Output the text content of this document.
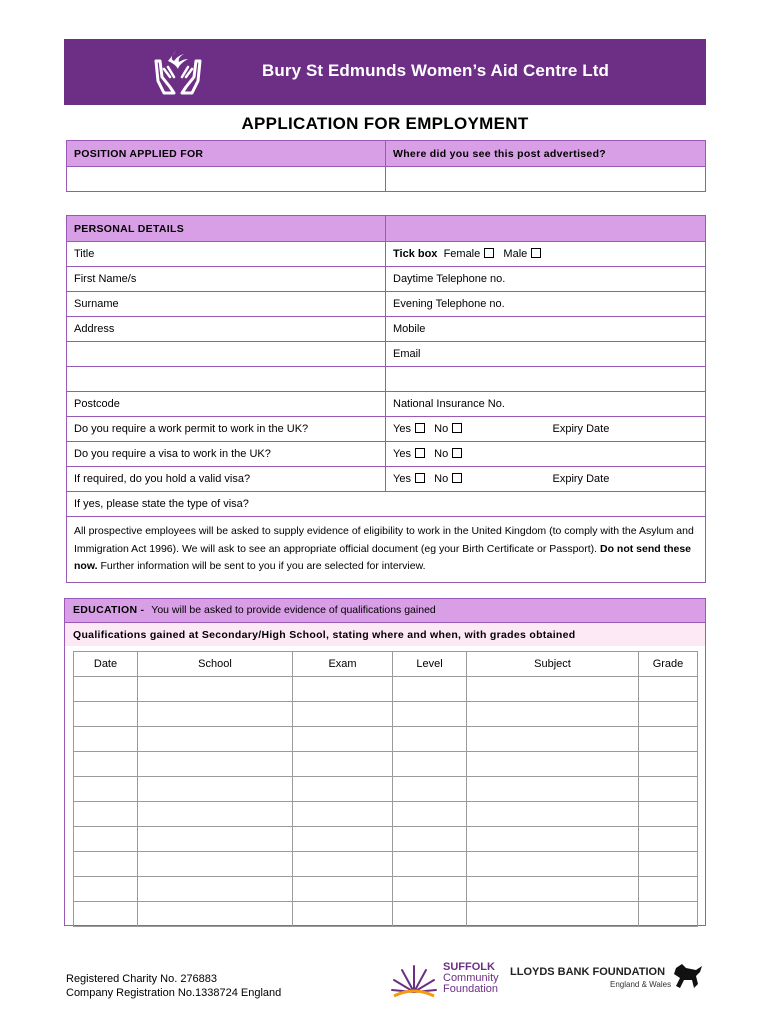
Bury St Edmunds Women’s Aid Centre Ltd
APPLICATION FOR EMPLOYMENT
POSITION APPLIED FOR	Where did you see this post advertised?

PERSONAL DETAILS		
Title	Tick box Female Male	
First Name/s	Daytime Telephone no.	
Surname	Evening Telephone no.	
Address	Mobile	
	Email	

Postcode	National Insurance No.	
Do you require a work permit to work in the UK?	Yes No	Expiry Date
Do you require a visa to work in the UK?	Yes No	
If required, do you hold a valid visa?	Yes No	Expiry Date
If yes, please state the type of visa?		
All prospective employees will be asked to supply evidence of eligibility to work in the United Kingdom (to comply with the Asylum and Immigration Act 1996). We will ask to see an appropriate official document (eg your Birth Certificate or Passport). Do not send these now. Further information will be sent to you if you are selected for interview.		
EDUCATION - You will be asked to provide evidence of qualifications gained
Qualifications gained at Secondary/High School, stating where and when, with grades obtained
Date	School	Exam	Level	Subject	Grade

Registered Charity No. 276883
Company Registration No.1338724 England
SUFFOLK
Community
Foundation
LLOYDS BANK FOUNDATION
England & Wales
